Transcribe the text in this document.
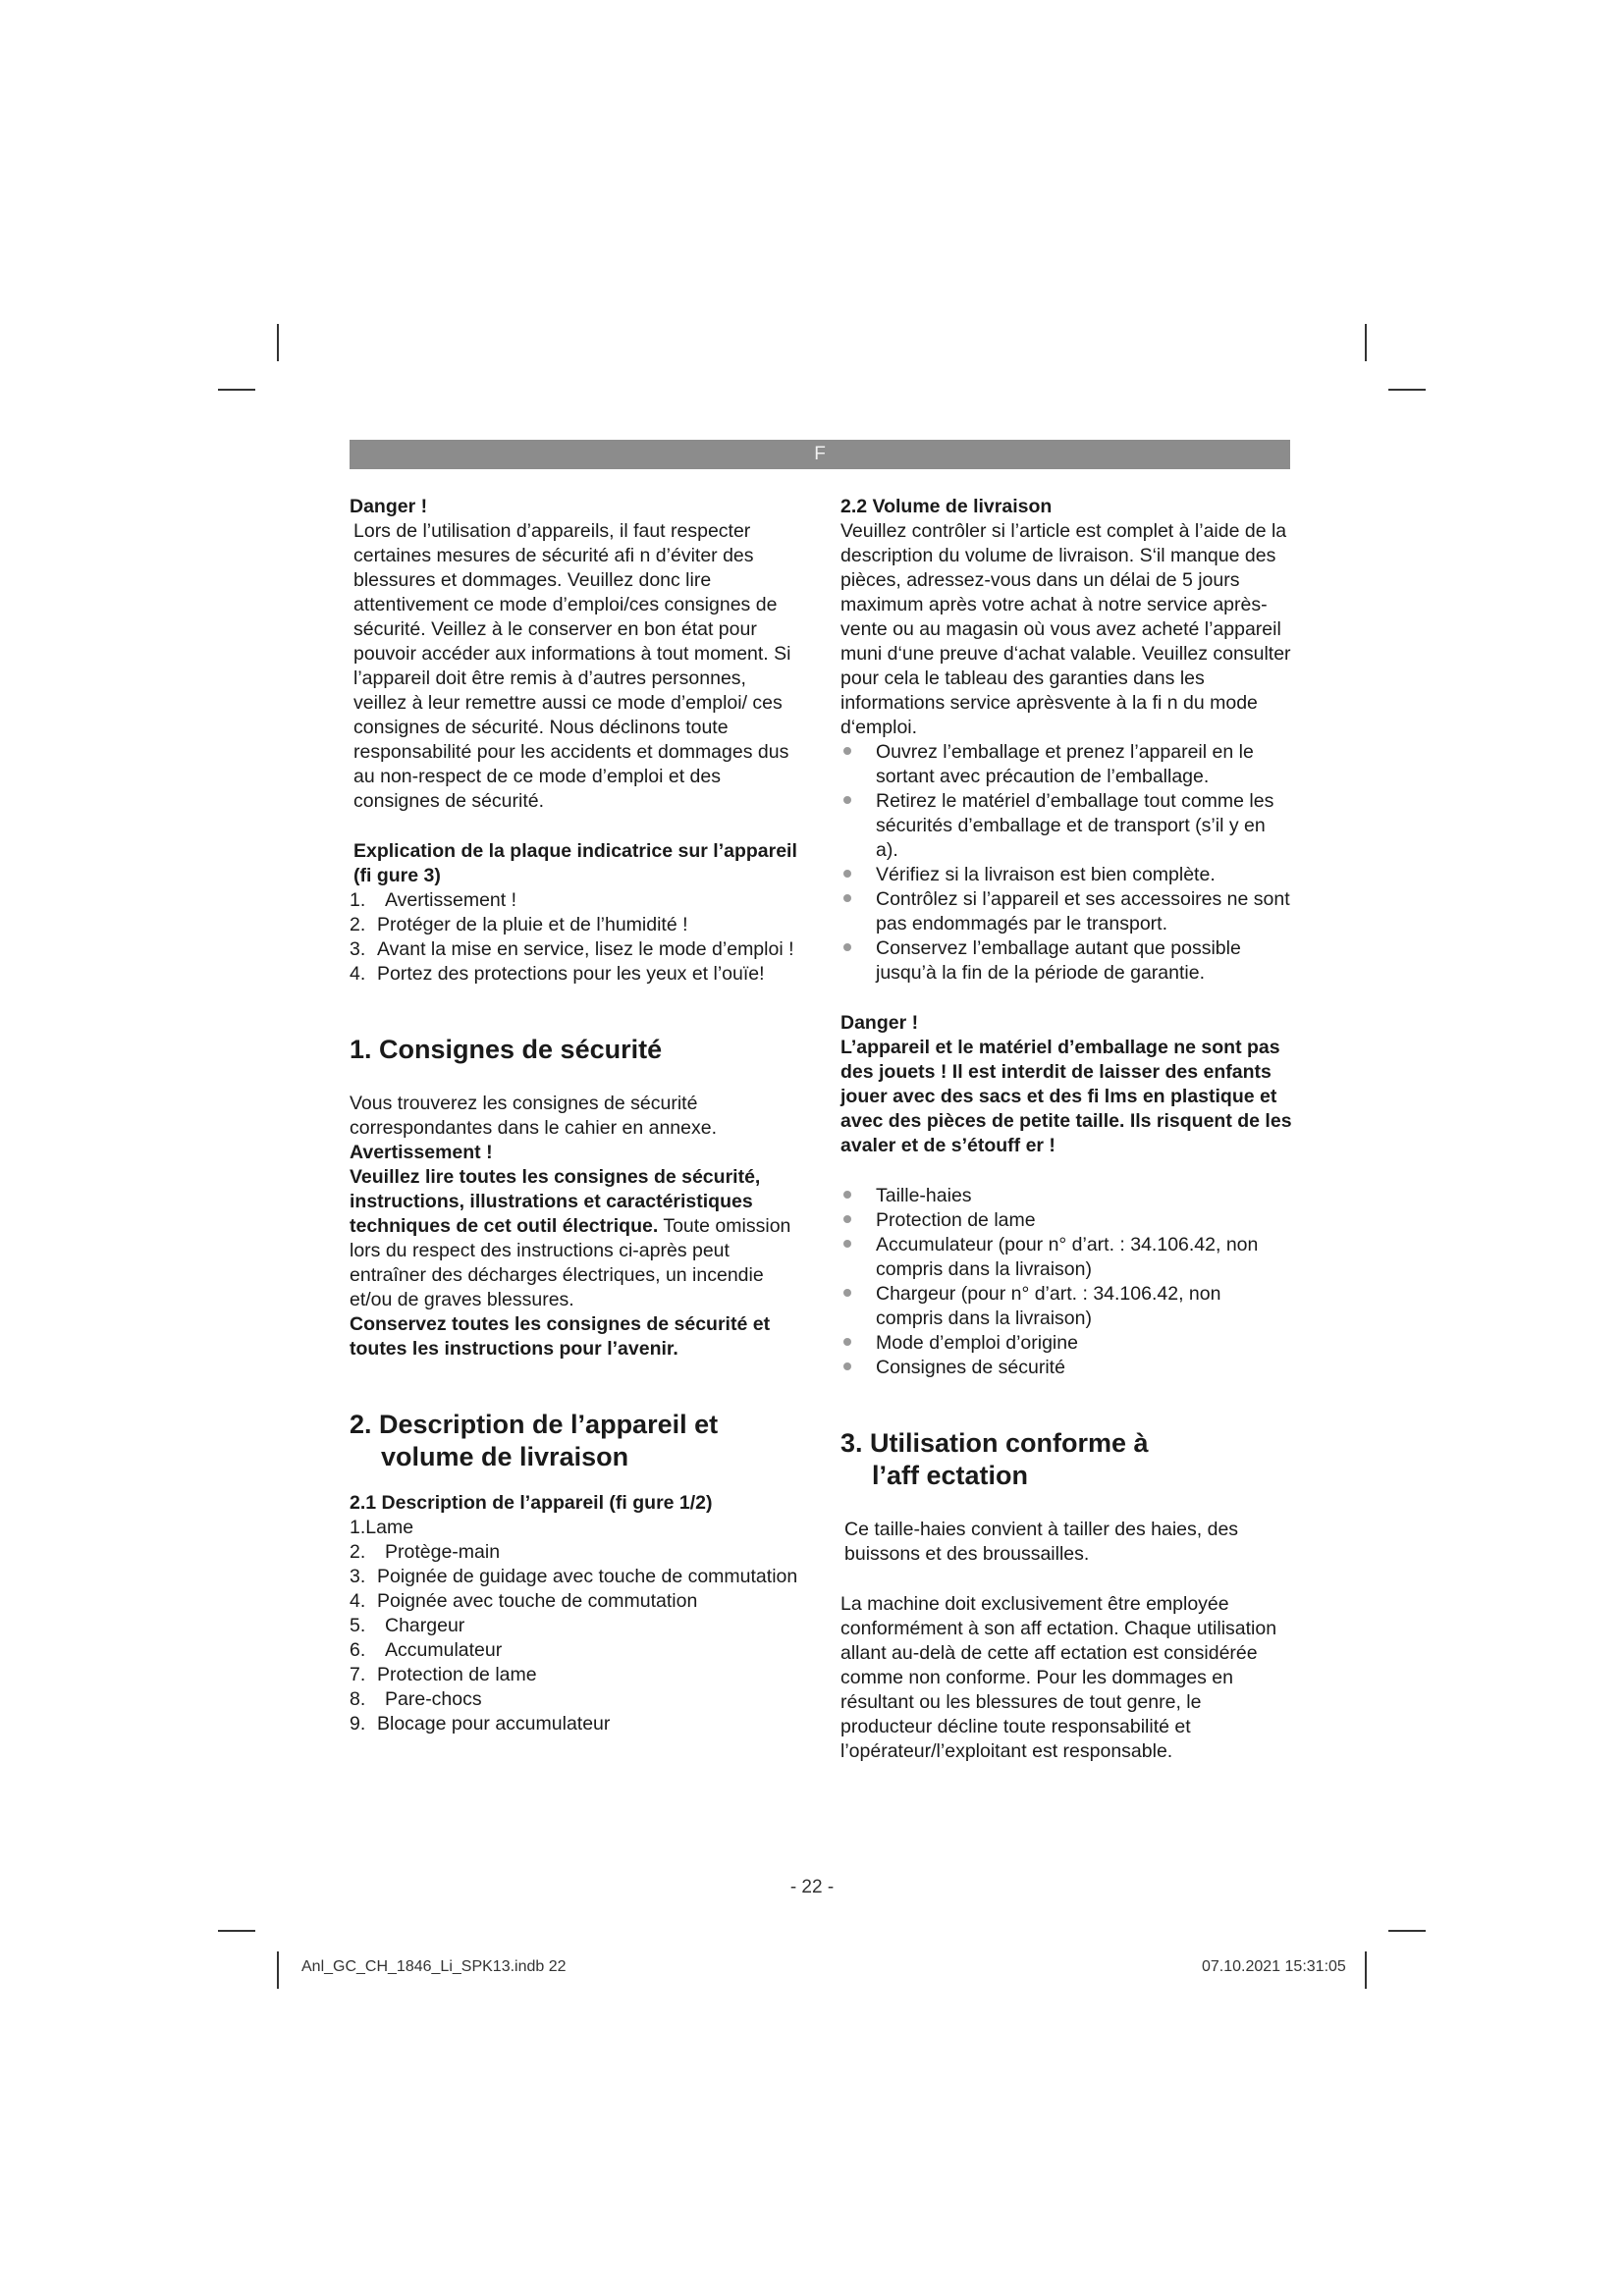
F

Danger !

Lors de l’utilisation d’appareils, il faut respecter certaines mesures de sécurité afi n d’éviter des blessures et dommages. Veuillez donc lire attentivement ce mode d’emploi/ces consignes de sécurité. Veillez à le conserver en bon état pour pouvoir accéder aux informations à tout moment. Si l’appareil doit être remis à d’autres personnes, veillez à leur remettre aussi ce mode d’emploi/ ces consignes de sécurité. Nous déclinons toute responsabilité pour les accidents et dommages dus au non-respect de ce mode d’emploi et des consignes de sécurité.

Explication de la plaque indicatrice sur l’appareil (fi gure 3)

1. Avertissement !
2. Protéger de la pluie et de l’humidité !
3. Avant la mise en service, lisez le mode d’emploi !
4. Portez des protections pour les yeux et l’ouïe!
1. Consignes de sécurité

Vous trouverez les consignes de sécurité correspondantes dans le cahier en annexe.

Avertissement !

Veuillez lire toutes les consignes de sécurité, instructions, illustrations et caractéristiques techniques de cet outil électrique. Toute omission lors du respect des instructions ci-après peut entraîner des décharges électriques, un incendie et/ou de graves blessures.

Conservez toutes les consignes de sécurité et toutes les instructions pour l’avenir.

2. Description de l’appareil et
volume de livraison

2.1 Description de l’appareil (fi gure 1/2)

1.Lame

2. Protège-main
3. Poignée de guidage avec touche de commutation
4. Poignée avec touche de commutation
5. Chargeur
6. Accumulateur
7. Protection de lame
8. Pare-chocs
9. Blocage pour accumulateur

2.2 Volume de livraison

Veuillez contrôler si l’article est complet à l’aide de la description du volume de livraison. S‘il manque des pièces, adressez-vous dans un délai de 5 jours maximum après votre achat à notre service après-vente ou au magasin où vous avez acheté l’appareil muni d‘une preuve d‘achat valable. Veuillez consulter pour cela le tableau des garanties dans les informations service aprèsvente à la fi n du mode d‘emploi.

Ouvrez l’emballage et prenez l’appareil en le sortant avec précaution de l’emballage.
Retirez le matériel d’emballage tout comme les sécurités d’emballage et de transport (s’il y en a).
Vérifiez si la livraison est bien complète.
Contrôlez si l’appareil et ses accessoires ne sont pas endommagés par le transport.
Conservez l’emballage autant que possible jusqu’à la fin de la période de garantie.

Danger !

L’appareil et le matériel d’emballage ne sont pas des jouets ! Il est interdit de laisser des enfants jouer avec des sacs et des fi lms en plastique et avec des pièces de petite taille. Ils risquent de les avaler et de s’étouff er !

Taille-haies
Protection de lame
Accumulateur (pour n° d’art. : 34.106.42, non compris dans la livraison)
Chargeur (pour n° d’art. : 34.106.42, non compris dans la livraison)
Mode d’emploi d’origine
Consignes de sécurité
3. Utilisation conforme à
l’aff ectation

Ce taille-haies convient à tailler des haies, des buissons et des broussailles.

La machine doit exclusivement être employée conformément à son aff ectation. Chaque utilisation allant au-delà de cette aff ectation est considérée comme non conforme. Pour les dommages en résultant ou les blessures de tout genre, le producteur décline toute responsabilité et l’opérateur/l’exploitant est responsable.

- 22 -
Anl_GC_CH_1846_Li_SPK13.indb 22	07.10.2021 15:31:05
